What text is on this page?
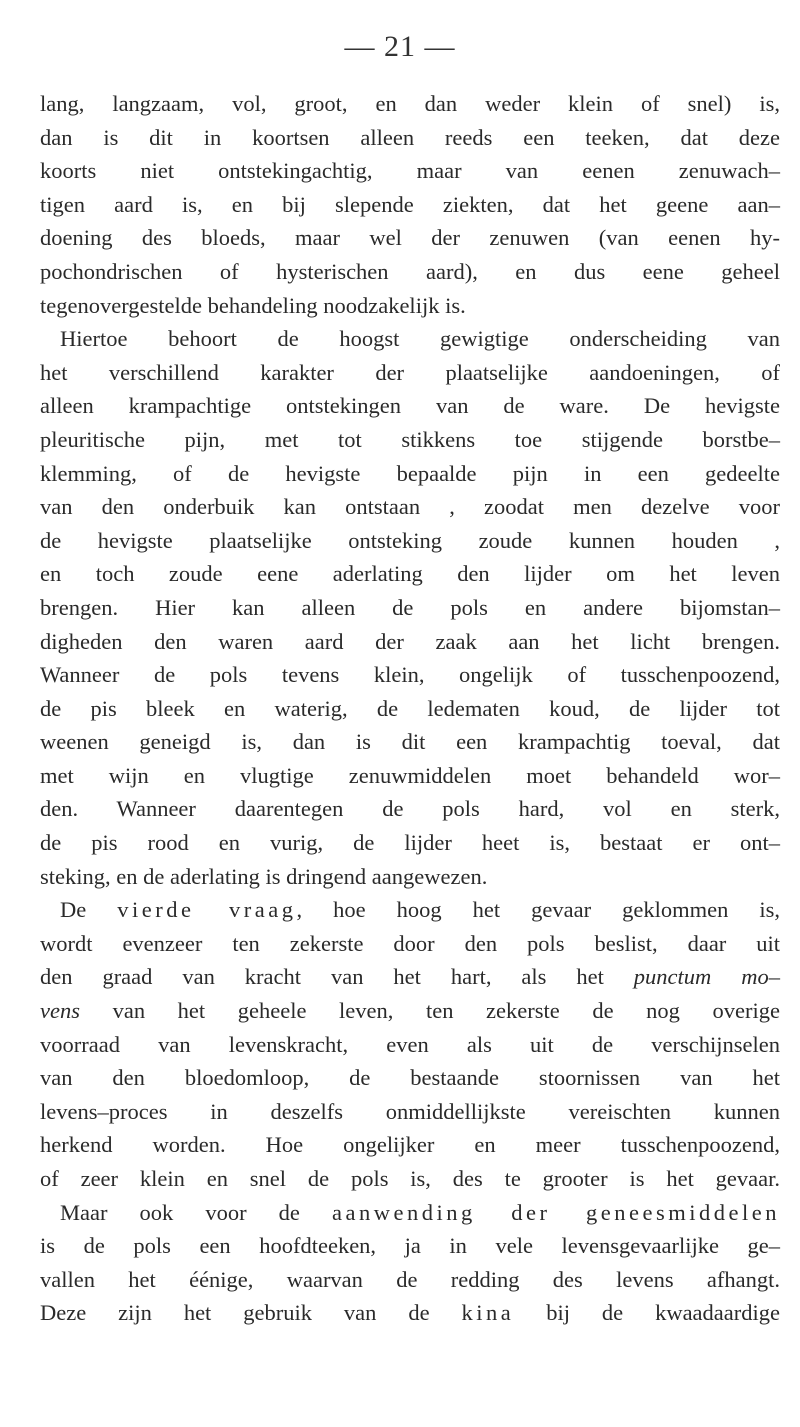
— 21 —
lang, langzaam, vol, groot, en dan weder klein of snel) is,
dan is dit in koortsen alleen reeds een teeken, dat deze
koorts niet ontstekingachtig, maar van eenen zenuwach–
tigen aard is, en bij slepende ziekten, dat het geene aan–
doening des bloeds, maar wel der zenuwen (van eenen hy-
pochondrischen of hysterischen aard), en dus eene geheel
tegenovergestelde behandeling noodzakelijk is.
Hiertoe behoort de hoogst gewigtige onderscheiding van
het verschillend karakter der plaatselijke aandoeningen, of
alleen krampachtige ontstekingen van de ware. De hevigste
pleuritische pijn, met tot stikkens toe stijgende borstbe–
klemming, of de hevigste bepaalde pijn in een gedeelte
van den onderbuik kan ontstaan , zoodat men dezelve voor
de hevigste plaatselijke ontsteking zoude kunnen houden ,
en toch zoude eene aderlating den lijder om het leven
brengen. Hier kan alleen de pols en andere bijomstan–
digheden den waren aard der zaak aan het licht brengen.
Wanneer de pols tevens klein, ongelijk of tusschenpoozend,
de pis bleek en waterig, de ledematen koud, de lijder tot
weenen geneigd is, dan is dit een krampachtig toeval, dat
met wijn en vlugtige zenuwmiddelen moet behandeld wor–
den. Wanneer daarentegen de pols hard, vol en sterk,
de pis rood en vurig, de lijder heet is, bestaat er ont–
steking, en de aderlating is dringend aangewezen.
De vierde vraag, hoe hoog het gevaar geklommen is,
wordt evenzeer ten zekerste door den pols beslist, daar uit
den graad van kracht van het hart, als het punctum mo–
vens van het geheele leven, ten zekerste de nog overige
voorraad van levenskracht, even als uit de verschijnselen
van den bloedomloop, de bestaande stoornissen van het
levens–proces in deszelfs onmiddellijkste vereischten kunnen
herkend worden. Hoe ongelijker en meer tusschenpoozend,
of zeer klein en snel de pols is, des te grooter is het gevaar.
Maar ook voor de aanwending der geneesmiddelen
is de pols een hoofdteeken, ja in vele levensgevaarlijke ge–
vallen het éénige, waarvan de redding des levens afhangt.
Deze zijn het gebruik van de kina bij de kwaadaardige
